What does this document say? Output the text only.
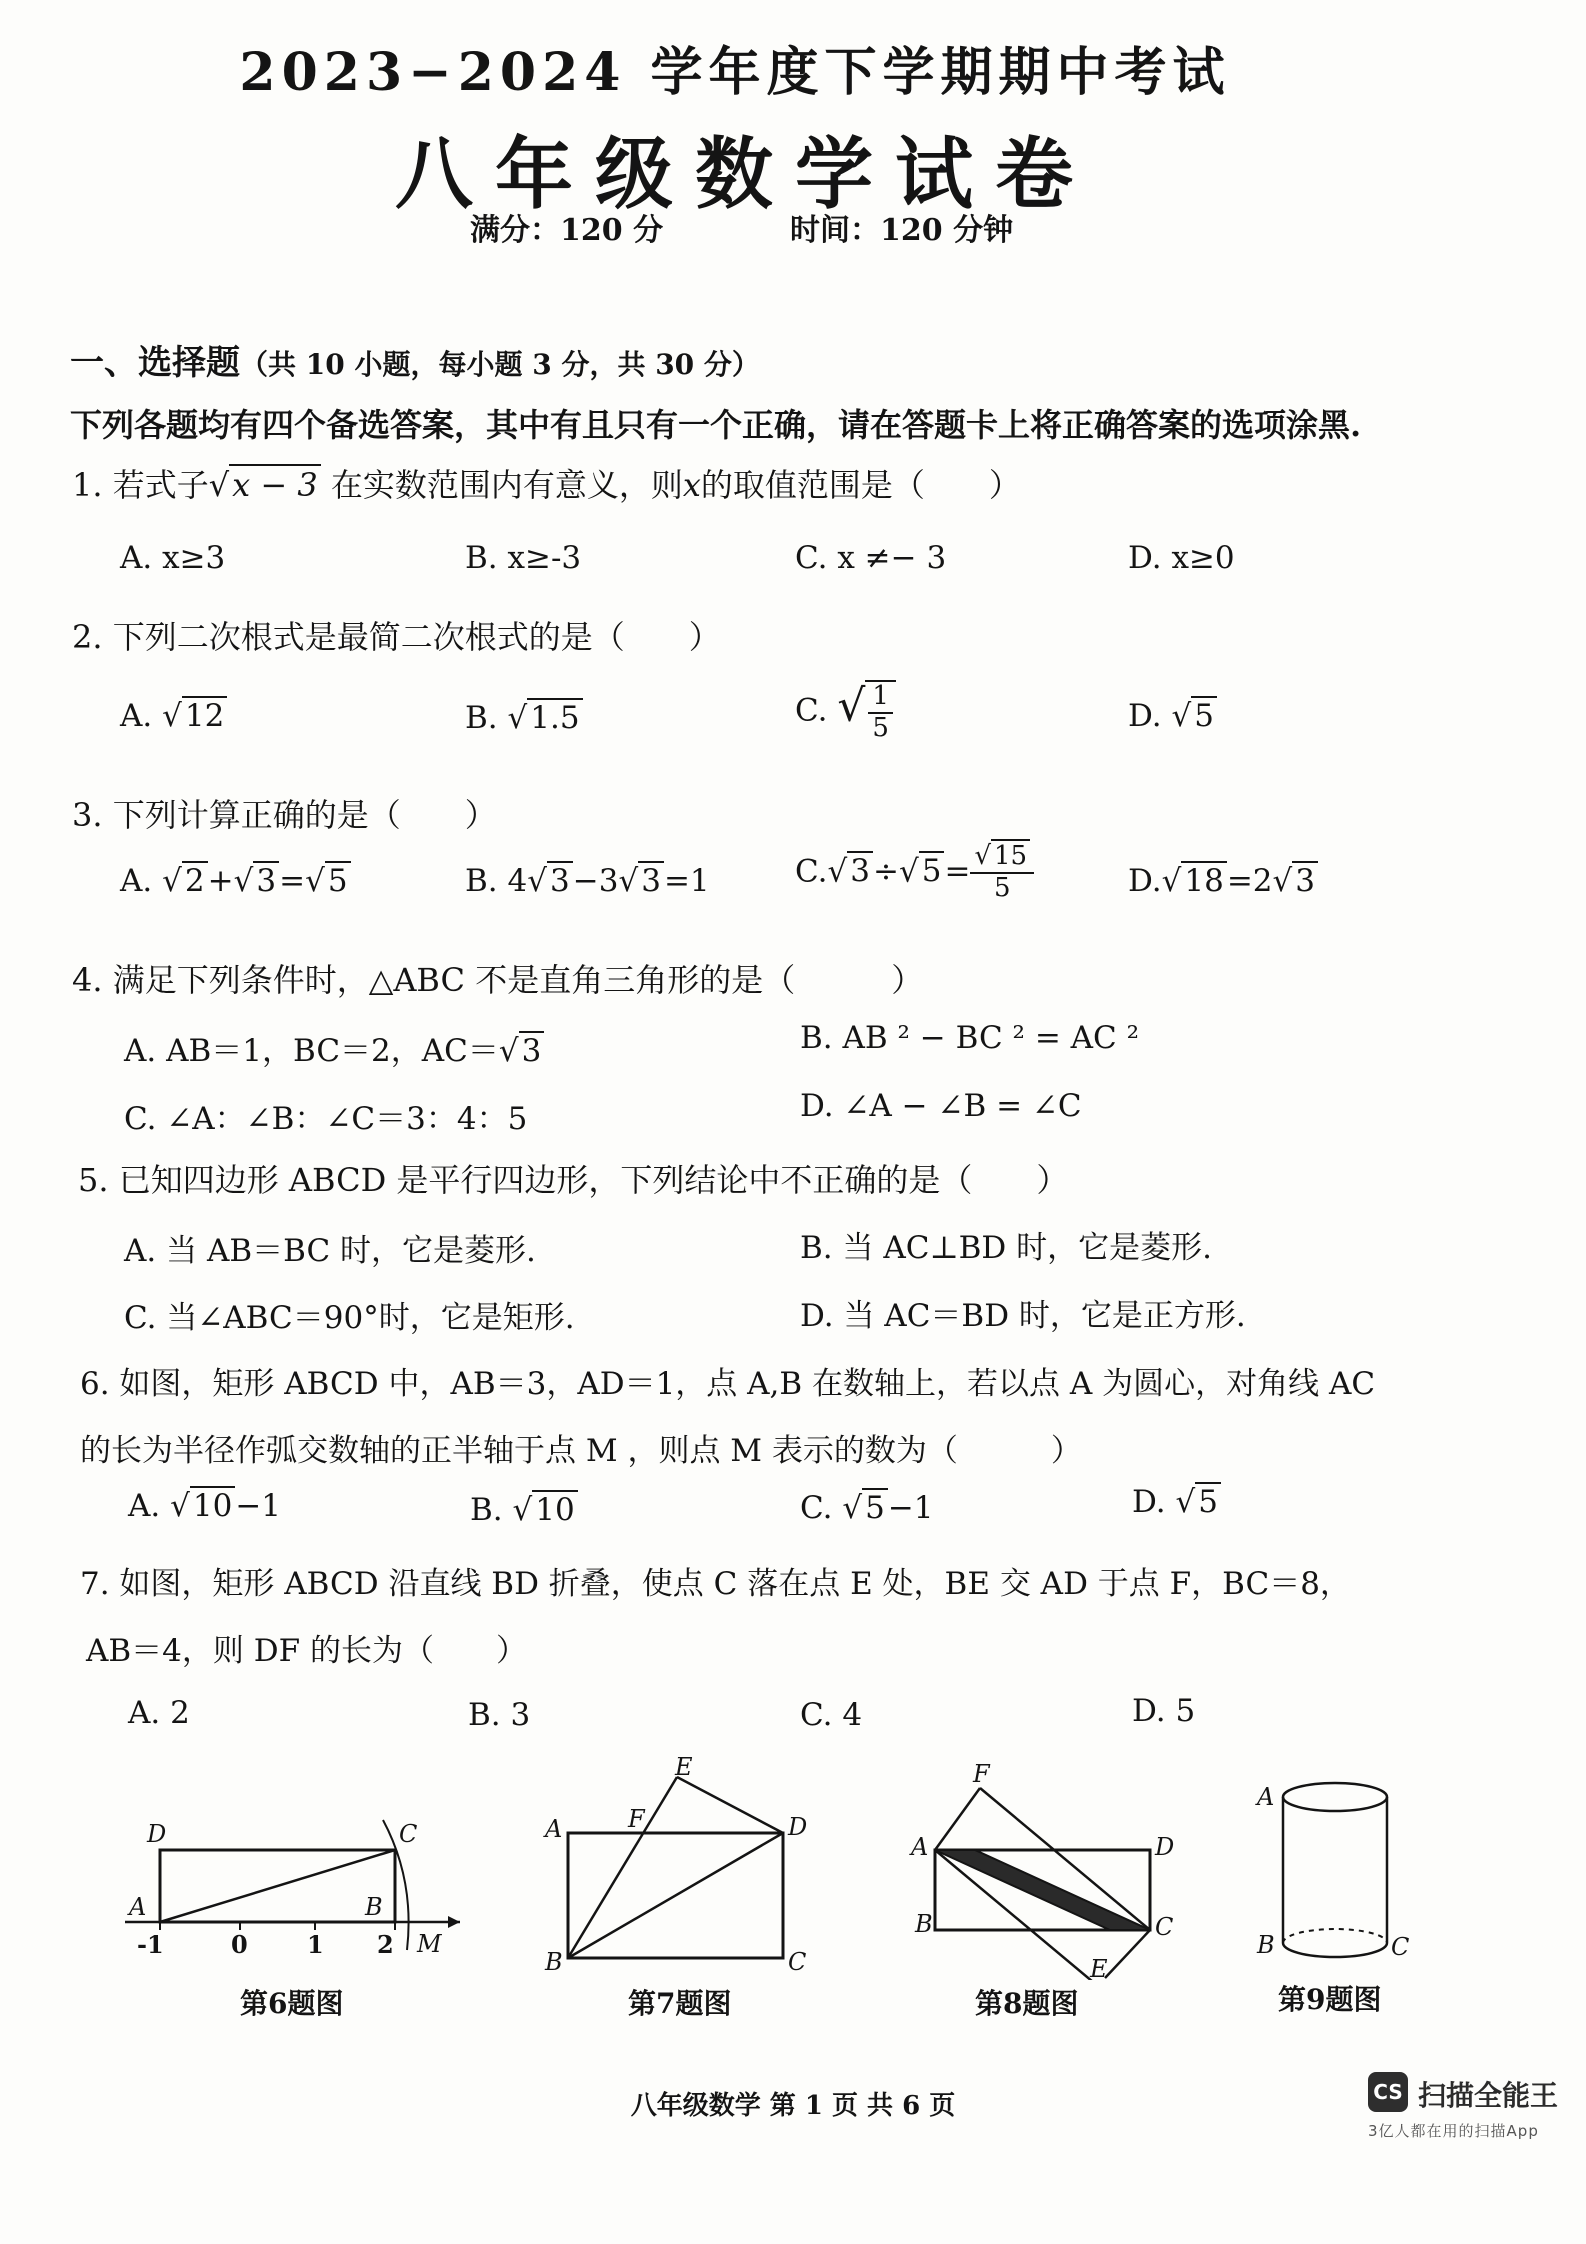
2023−2024 学年度下学期期中考试
八年级数学试卷
满分：120 分	时间：120 分钟
一、选择题（共 10 小题，每小题 3 分，共 30 分）
下列各题均有四个备选答案，其中有且只有一个正确，请在答题卡上将正确答案的选项涂黑.
1. 若式子√x − 3 在实数范围内有意义，则x的取值范围是（　　）
A. x≥3	B. x≥-3	C. x ≠− 3	D. x≥0
2. 下列二次根式是最简二次根式的是（　　）
A. √12	B. √1.5	C. √ $\frac{1}{5}$	D. √5
3. 下列计算正确的是（　　）
A. √2+√3=√5	B. 4√3−3√3=1	$C.√3\div√5= \frac{√ 15}{5}$	D.√18=2√3
4. 满足下列条件时，△ABC 不是直角三角形的是（　　　）
A. AB＝1，BC＝2，AC＝√3	B. AB ² − BC ² = AC ²
C. ∠A：∠B：∠C＝3：4：5	D. ∠A − ∠B = ∠C
5. 已知四边形 ABCD 是平行四边形，下列结论中不正确的是（　　）
A. 当 AB＝BC 时，它是菱形.	B. 当 AC⊥BD 时，它是菱形.
C. 当∠ABC＝90°时，它是矩形.	D. 当 AC＝BD 时，它是正方形.
6. 如图，矩形 ABCD 中，AB＝3，AD＝1，点 A,B 在数轴上，若以点 A 为圆心，对角线 AC
的长为半径作弧交数轴的正半轴于点 M ，则点 M 表示的数为（　　　）
A. √10−1	B. √10	C. √5−1	D. √5
7. 如图，矩形 ABCD 沿直线 BD 折叠，使点 C 落在点 E 处，BE 交 AD 于点 F，BC＝8，
AB＝4，则 DF 的长为（　　）
A. 2	B. 3	C. 4	D. 5
D	C
A	B
M
-1	0 1 2
第6题图
E
A	F	D
B	C
第7题图
F
A	D
B	C
E
第8题图
A
B	C
第9题图
八年级数学 第 1 页 共 6 页	CS 扫描全能王
3亿人都在用的扫描App
